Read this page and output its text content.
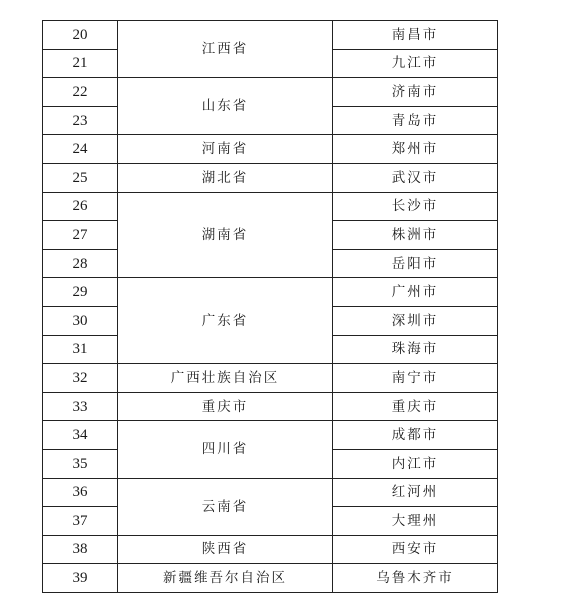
20	江西省	南昌市
21		九江市
22	山东省	济南市
23		青岛市
24	河南省	郑州市
25	湖北省	武汉市
26	湖南省	长沙市
27		株洲市
28		岳阳市
29	广东省	广州市
30		深圳市
31		珠海市
32	广西壮族自治区	南宁市
33	重庆市	重庆市
34	四川省	成都市
35		内江市
36	云南省	红河州
37		大理州
38	陕西省	西安市
39	新疆维吾尔自治区	乌鲁木齐市
